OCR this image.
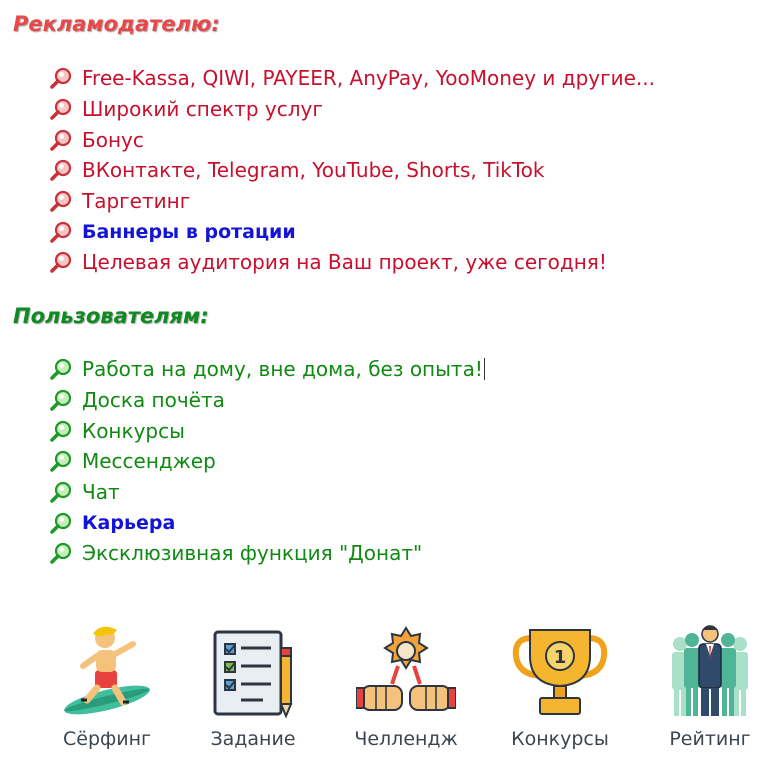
Рекламодателю:
Free-Kassa, QIWI, PAYEER, AnyPay, YooMoney и другие...
Широкий спектр услуг
Бонус
ВКонтакте, Telegram, YouTube, Shorts, TikTok
Таргетинг
Баннеры в ротации
Целевая аудитория на Ваш проект, уже сегодня!
Пользователям:
Работа на дому, вне дома, без опыта!
Доска почёта
Конкурсы
Мессенджер
Чат
Карьера
Эксклюзивная функция "Донат"
Сёрфинг	Задание	Челлендж
1
Конкурсы	Рейтинг
